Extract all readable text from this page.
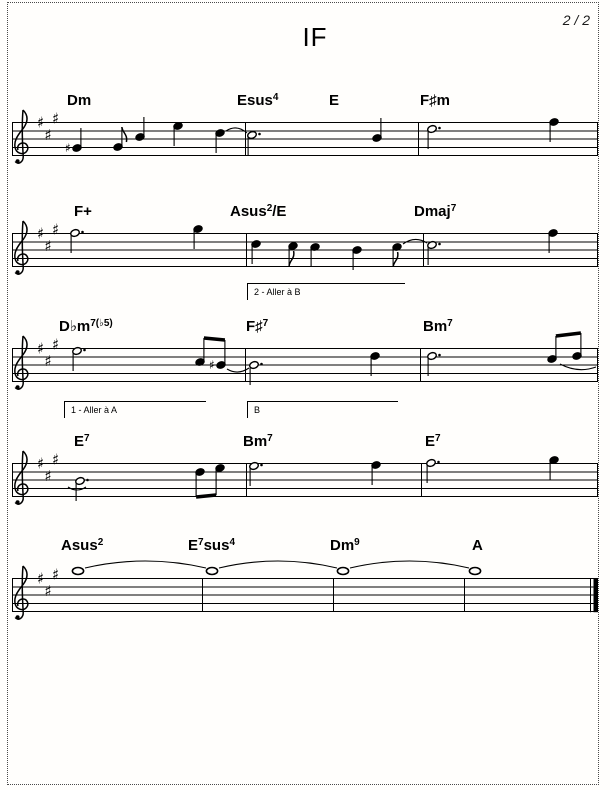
IF
2 / 2
♯
♯
♯
♯
♯
♯
♯
♯
♯
♯
♯
♯
♯
♯
♯
♯
♯
Dm	Esus$^4$	E	F♯m
F+	Asus$^2$/E	Dmaj$^7$
$D♭m^{7(♭5)}$	F♯$^7$	Bm$^7$
$E^7$	Bm$^7$	$E^7$
Asus$^2$	$E^7sus^4$	Dm$^9$	A
2 - Aller à B
1 - Aller à A	B
